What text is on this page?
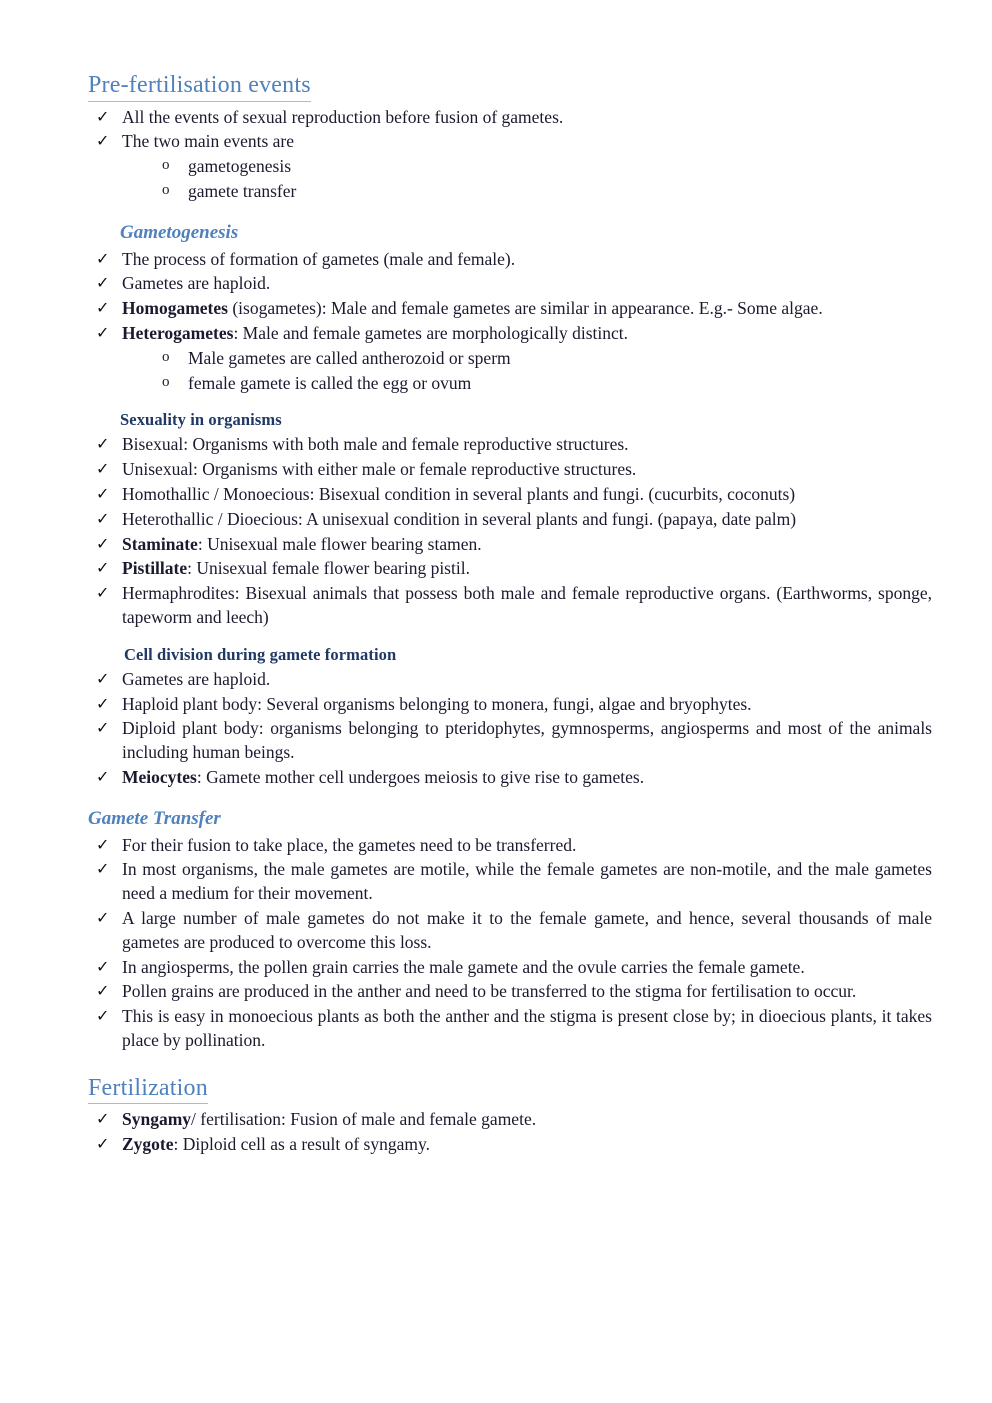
Pre-fertilisation events
✓ All the events of sexual reproduction before fusion of gametes.
✓ The two main events are
o gametogenesis
o gamete transfer
Gametogenesis
✓ The process of formation of gametes (male and female).
✓ Gametes are haploid.
✓ Homogametes (isogametes): Male and female gametes are similar in appearance. E.g.- Some algae.
✓ Heterogametes: Male and female gametes are morphologically distinct.
o Male gametes are called antherozoid or sperm
o female gamete is called the egg or ovum
Sexuality in organisms
✓ Bisexual: Organisms with both male and female reproductive structures.
✓ Unisexual: Organisms with either male or female reproductive structures.
✓ Homothallic / Monoecious: Bisexual condition in several plants and fungi. (cucurbits, coconuts)
✓ Heterothallic / Dioecious: A unisexual condition in several plants and fungi. (papaya, date palm)
✓ Staminate: Unisexual male flower bearing stamen.
✓ Pistillate: Unisexual female flower bearing pistil.
✓ Hermaphrodites: Bisexual animals that possess both male and female reproductive organs. (Earthworms, sponge, tapeworm and leech)
Cell division during gamete formation
✓ Gametes are haploid.
✓ Haploid plant body: Several organisms belonging to monera, fungi, algae and bryophytes.
✓ Diploid plant body: organisms belonging to pteridophytes, gymnosperms, angiosperms and most of the animals including human beings.
✓ Meiocytes: Gamete mother cell undergoes meiosis to give rise to gametes.
Gamete Transfer
✓ For their fusion to take place, the gametes need to be transferred.
✓ In most organisms, the male gametes are motile, while the female gametes are non-motile, and the male gametes need a medium for their movement.
✓ A large number of male gametes do not make it to the female gamete, and hence, several thousands of male gametes are produced to overcome this loss.
✓ In angiosperms, the pollen grain carries the male gamete and the ovule carries the female gamete.
✓ Pollen grains are produced in the anther and need to be transferred to the stigma for fertilisation to occur.
✓ This is easy in monoecious plants as both the anther and the stigma is present close by; in dioecious plants, it takes place by pollination.
Fertilization
✓ Syngamy/ fertilisation: Fusion of male and female gamete.
✓ Zygote: Diploid cell as a result of syngamy.
